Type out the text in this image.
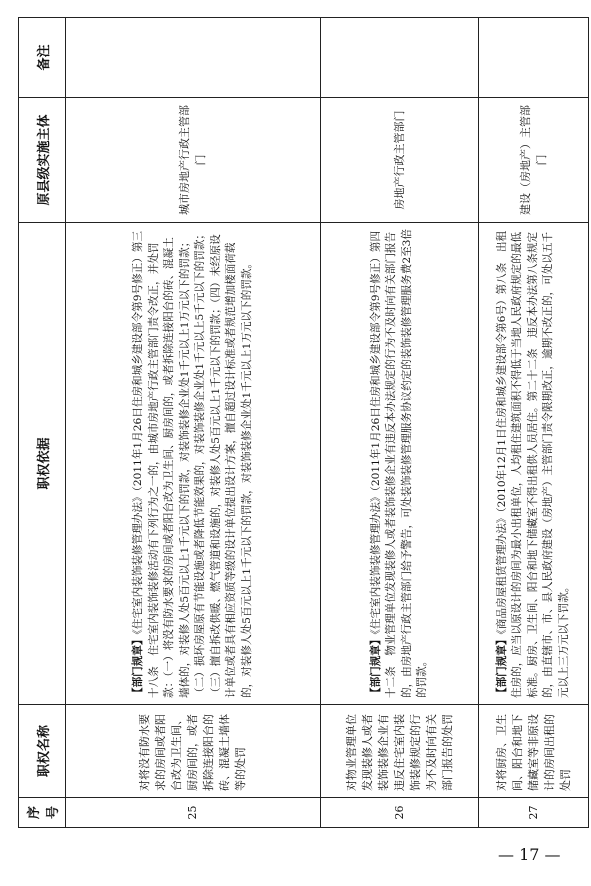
序号	职权名称	职权依据	原县级实施主体	备注
25	对将没有防水要求的房间或者阳台改为卫生间、厨房间的，或者拆除连接阳台的砖、混凝土墙体等的处罚	【部门规章】《住宅室内装饰装修管理办法》（2011年1月26日住房和城乡建设部令第9号修正）第三十八条　住宅室内装饰装修活动有下列行为之一的，由城市房地产行政主管部门责令改正，并处罚款：（一）将没有防水要求的房间或者阳台改为卫生间、厨房间的，或者拆除连接阳台的砖、混凝土墙体的，对装修人处5百元以上1千元以下的罚款，对装饰装修企业处1千元以上1万元以下的罚款；（二）损坏房屋原有节能设施或者降低节能效果的，对装饰装修企业处1千元以上5千元以下的罚款；（三）擅自拆改供暖、燃气管道和设施的，对装修人处5百元以上1千元以下的罚款；（四）未经原设计单位或者具有相应资质等级的设计单位提出设计方案，擅自超过设计标准或者规范增加楼面荷载的，对装修人处5百元以上1千元以下的罚款，对装饰装修企业处1千元以上1万元以下的罚款。	城市房地产行政主管部门	
26	对物业管理单位发现装修人或者装饰装修企业有违反住宅室内装饰装修规定的行为不及时向有关部门报告的处罚	【部门规章】《住宅室内装饰装修管理办法》（2011年1月26日住房和城乡建设部令第9号修正）第四十二条　物业管理单位发现装修人或者装饰装修企业有违反本办法规定的行为不及时向有关部门报告的，由房地产行政主管部门给予警告，可处装饰装修管理服务协议约定的装饰装修管理服务费2至3倍的罚款。	房地产行政主管部门	
27	对将厨房、卫生间、阳台和地下储藏室等非原设计的房间出租的处罚	【部门规章】《商品房屋租赁管理办法》（2010年12月1日住房和城乡建设部令第6号）第八条　出租住房的，应当以原设计的房间为最小出租单位，人均租住建筑面积不得低于当地人民政府规定的最低标准。厨房、卫生间、阳台和地下储藏室不得出租供人员居住。第二十二条　违反本办法第八条规定的，由直辖市、市、县人民政府建设（房地产）主管部门责令限期改正，逾期不改正的，可处以五千元以上三万元以下罚款。	建设（房地产）主管部门	
— 17 —
